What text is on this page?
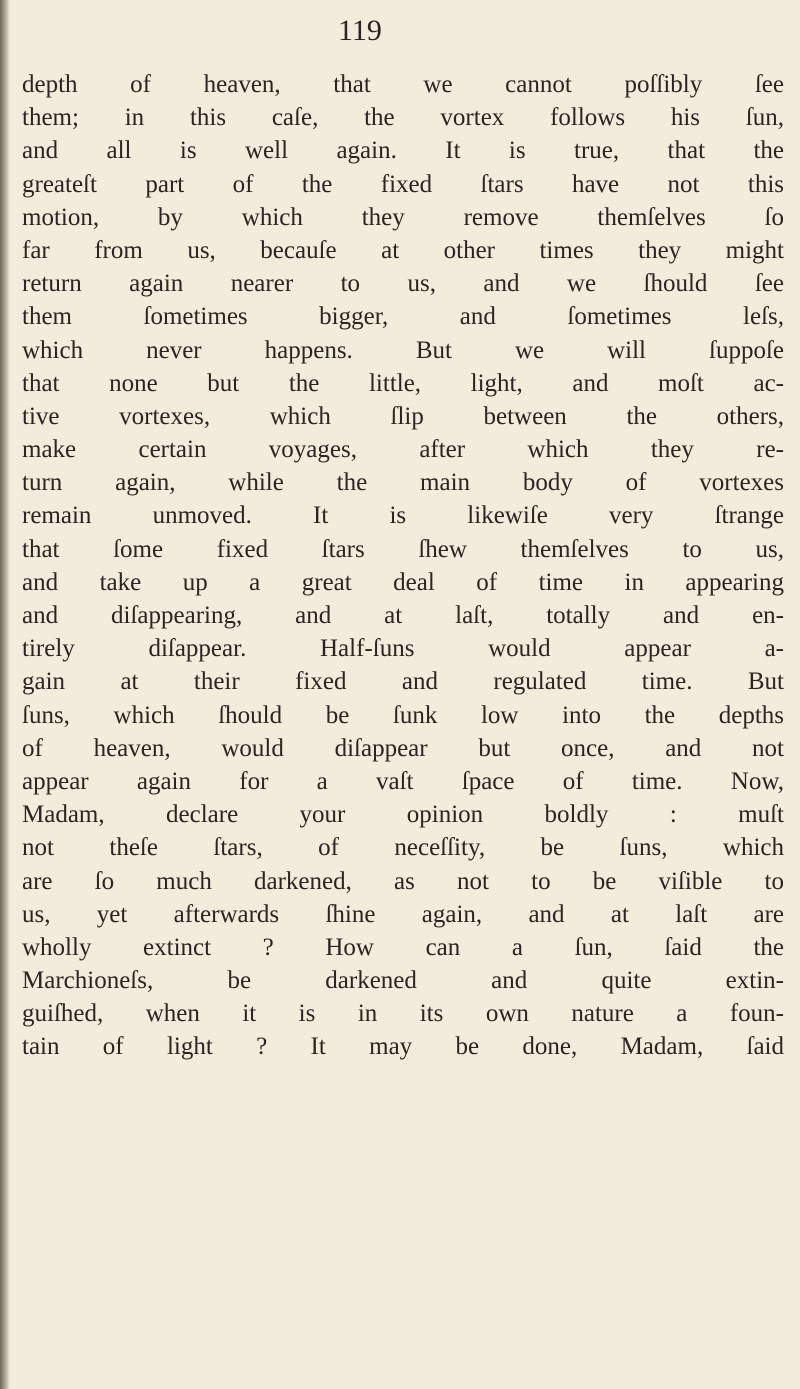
119
depth of heaven, that we cannot poſſibly ſee
them; in this caſe, the vortex follows his ſun,
and all is well again. It is true, that the
greateſt part of the fixed ſtars have not this
motion, by which they remove themſelves ſo
far from us, becauſe at other times they might
return again nearer to us, and we ſhould ſee
them ſometimes bigger, and ſometimes leſs,
which never happens. But we will ſuppoſe
that none but the little, light, and moſt ac-
tive vortexes, which ſlip between the others,
make certain voyages, after which they re-
turn again, while the main body of vortexes
remain unmoved. It is likewiſe very ſtrange
that ſome fixed ſtars ſhew themſelves to us,
and take up a great deal of time in appearing
and diſappearing, and at laſt, totally and en-
tirely diſappear. Half-ſuns would appear a-
gain at their fixed and regulated time. But
ſuns, which ſhould be ſunk low into the depths
of heaven, would diſappear but once, and not
appear again for a vaſt ſpace of time. Now,
Madam, declare your opinion boldly : muſt
not theſe ſtars, of neceſſity, be ſuns, which
are ſo much darkened, as not to be viſible to
us, yet afterwards ſhine again, and at laſt are
wholly extinct ? How can a ſun, ſaid the
Marchioneſs, be darkened and quite extin-
guiſhed, when it is in its own nature a foun-
tain of light ? It may be done, Madam, ſaid
